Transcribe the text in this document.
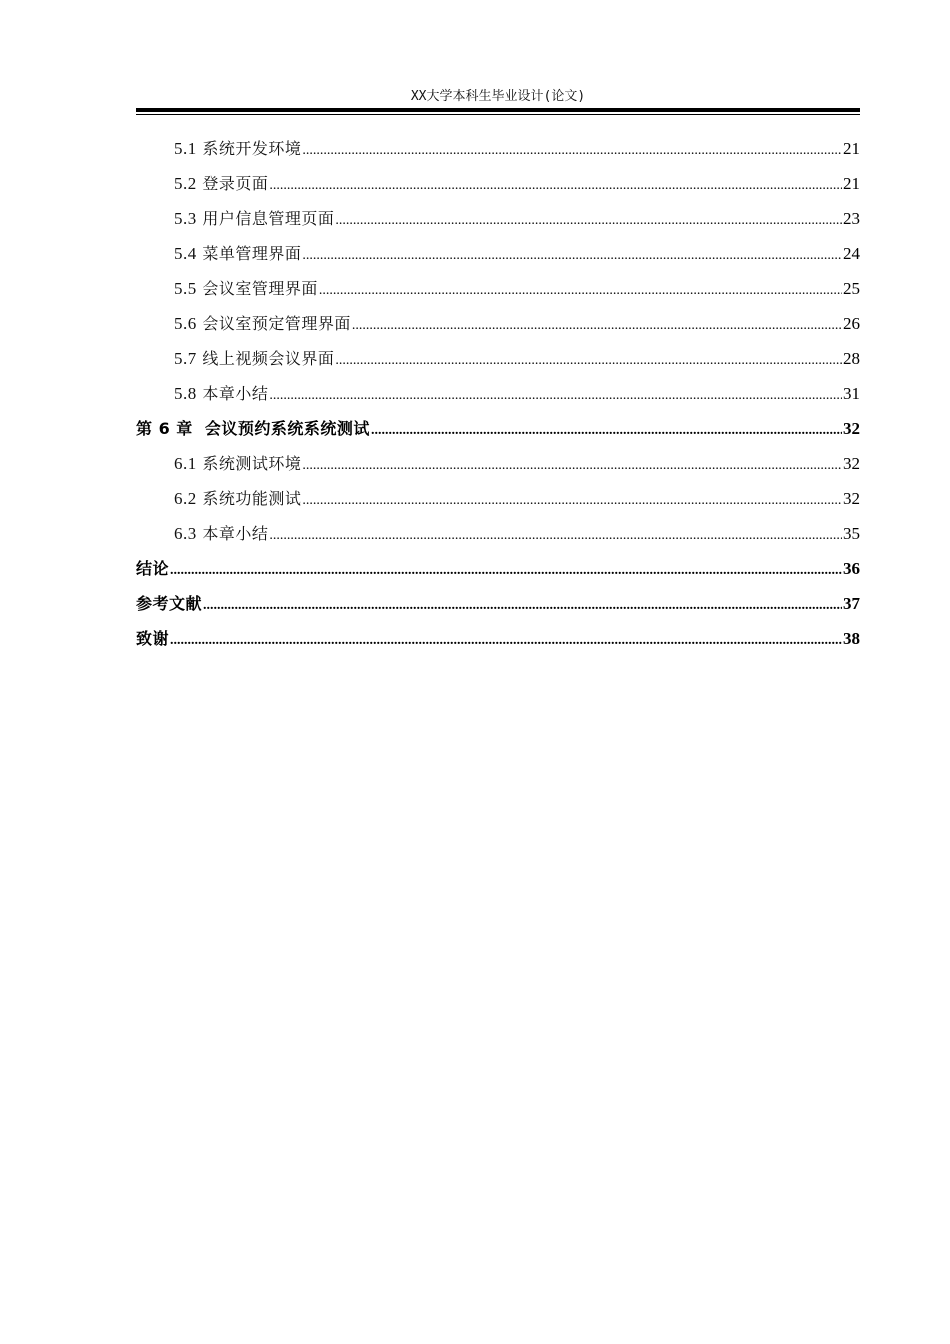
XX大学本科生毕业设计(论文)
5.1 系统开发环境 .....	21
5.2 登录页面 .....	21
5.3 用户信息管理页面 .....	23
5.4 菜单管理界面 .....	24
5.5 会议室管理界面 .....	25
5.6 会议室预定管理界面 .....	26
5.7 线上视频会议界面 .....	28
5.8 本章小结 .....	31
第 6 章 会议预约系统系统测试 .....	32
6.1 系统测试环境 .....	32
6.2 系统功能测试 .....	32
6.3 本章小结 .....	35
结论 .....	36
参考文献 .....	37
致谢 .....	38
